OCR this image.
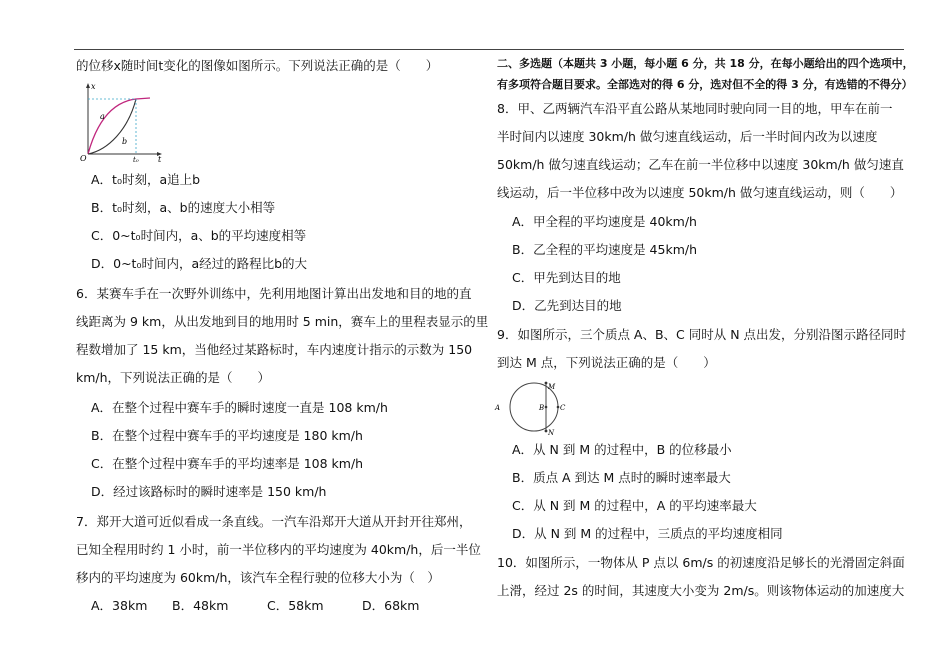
的位移x随时间t变化的图像如图所示。下列说法正确的是（　　）
x
t
O
a
b
t₀
A．t₀时刻，a追上b
B．t₀时刻，a、b的速度大小相等
C．0~t₀时间内，a、b的平均速度相等
D．0~t₀时间内，a经过的路程比b的大
6．某赛车手在一次野外训练中，先利用地图计算出出发地和目的地的直
线距离为 9 km，从出发地到目的地用时 5 min，赛车上的里程表显示的里
程数增加了 15 km，当他经过某路标时，车内速度计指示的示数为 150
km/h，下列说法正确的是（　　）
A．在整个过程中赛车手的瞬时速度一直是 108 km/h
B．在整个过程中赛车手的平均速度是 180 km/h
C．在整个过程中赛车手的平均速率是 108 km/h
D．经过该路标时的瞬时速率是 150 km/h
7．郑开大道可近似看成一条直线。一汽车沿郑开大道从开封开往郑州，
已知全程用时约 1 小时，前一半位移内的平均速度为 40km/h，后一半位
移内的平均速度为 60km/h，该汽车全程行驶的位移大小为（　）
A．38km B．48km	C．58km	D．68km
二、多选题（本题共 3 小题，每小题 6 分，共 18 分，在每小题给出的四个选项中，
有多项符合题目要求。全部选对的得 6 分，选对但不全的得 3 分，有选错的不得分）
8．甲、乙两辆汽车沿平直公路从某地同时驶向同一目的地，甲车在前一
半时间内以速度 30km/h 做匀速直线运动，后一半时间内改为以速度
50km/h 做匀速直线运动；乙车在前一半位移中以速度 30km/h 做匀速直
线运动，后一半位移中改为以速度 50km/h 做匀速直线运动，则（　　）
A．甲全程的平均速度是 40km/h
B．乙全程的平均速度是 45km/h
C．甲先到达目的地
D．乙先到达目的地
9．如图所示，三个质点 A、B、C 同时从 N 点出发，分别沿图示路径同时
到达 M 点，下列说法正确的是（　　）
A	B C
M
N
A．从 N 到 M 的过程中，B 的位移最小
B．质点 A 到达 M 点时的瞬时速率最大
C．从 N 到 M 的过程中，A 的平均速率最大
D．从 N 到 M 的过程中，三质点的平均速度相同
10．如图所示，一物体从 P 点以 6m/s 的初速度沿足够长的光滑固定斜面
上滑，经过 2s 的时间，其速度大小变为 2m/s。则该物体运动的加速度大
